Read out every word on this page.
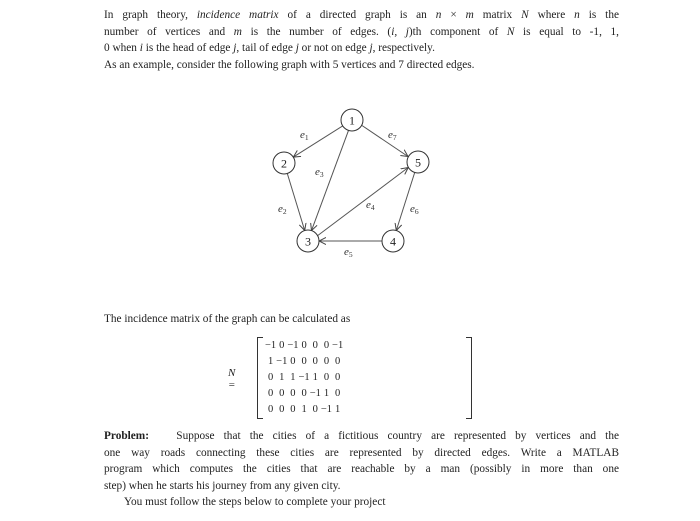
In graph theory, incidence matrix of a directed graph is an n × m matrix N where n is the
number of vertices and m is the number of edges. (i, j)th component of N is equal to -1, 1,
0 when i is the head of edge j, tail of edge j or not on edge j, respectively.
As an example, consider the following graph with 5 vertices and 7 directed edges.
e1
e2
e3
e4
e5
e6
e7
1
2
3	4
5
The incidence matrix of the graph can be calculated as
N =
−1	0	−1	0	0	0	−1
1	−1	0	0	0	0	0
0	1	1	−1	1	0	0
0	0	0	0	−1	1	0
0	0	0	1	0	−1	1
Problem: Suppose that the cities of a fictitious country are represented by vertices and the
one way roads connecting these cities are represented by directed edges. Write a MATLAB
program which computes the cities that are reachable by a man (possibly in more than one
step) when he starts his journey from any given city.
You must follow the steps below to complete your project
